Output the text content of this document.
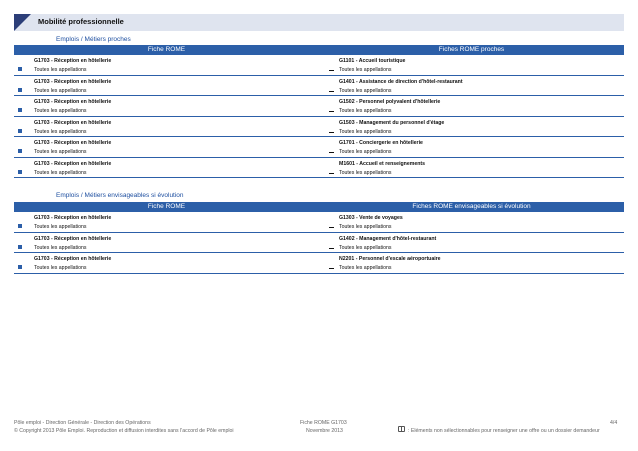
Mobilité professionnelle
Emplois / Métiers proches
Fiche ROME	Fiches ROME proches
G1703 - Réception en hôtellerie
Toutes les appellations
G1101 - Accueil touristique
Toutes les appellations
G1703 - Réception en hôtellerie
Toutes les appellations
G1401 - Assistance de direction d'hôtel-restaurant
Toutes les appellations
G1703 - Réception en hôtellerie
Toutes les appellations
G1502 - Personnel polyvalent d'hôtellerie
Toutes les appellations
G1703 - Réception en hôtellerie
Toutes les appellations
G1503 - Management du personnel d'étage
Toutes les appellations
G1703 - Réception en hôtellerie
Toutes les appellations
G1701 - Conciergerie en hôtellerie
Toutes les appellations
G1703 - Réception en hôtellerie
Toutes les appellations
M1601 - Accueil et renseignements
Toutes les appellations
Emplois / Métiers envisageables si évolution
Fiche ROME	Fiches ROME envisageables si évolution
G1703 - Réception en hôtellerie
Toutes les appellations
G1303 - Vente de voyages
Toutes les appellations
G1703 - Réception en hôtellerie
Toutes les appellations
G1402 - Management d'hôtel-restaurant
Toutes les appellations
G1703 - Réception en hôtellerie
Toutes les appellations
N2201 - Personnel d'escale aéroportuaire
Toutes les appellations
Pôle emploi - Direction Générale - Direction des Opérations
© Copyright 2013 Pôle Emploi. Reproduction et diffusion interdites sans l'accord de Pôle emploi
Fiche ROME G1703
Novembre 2013
4/4
: Eléments non sélectionnables pour renseigner une offre ou un dossier demandeur
